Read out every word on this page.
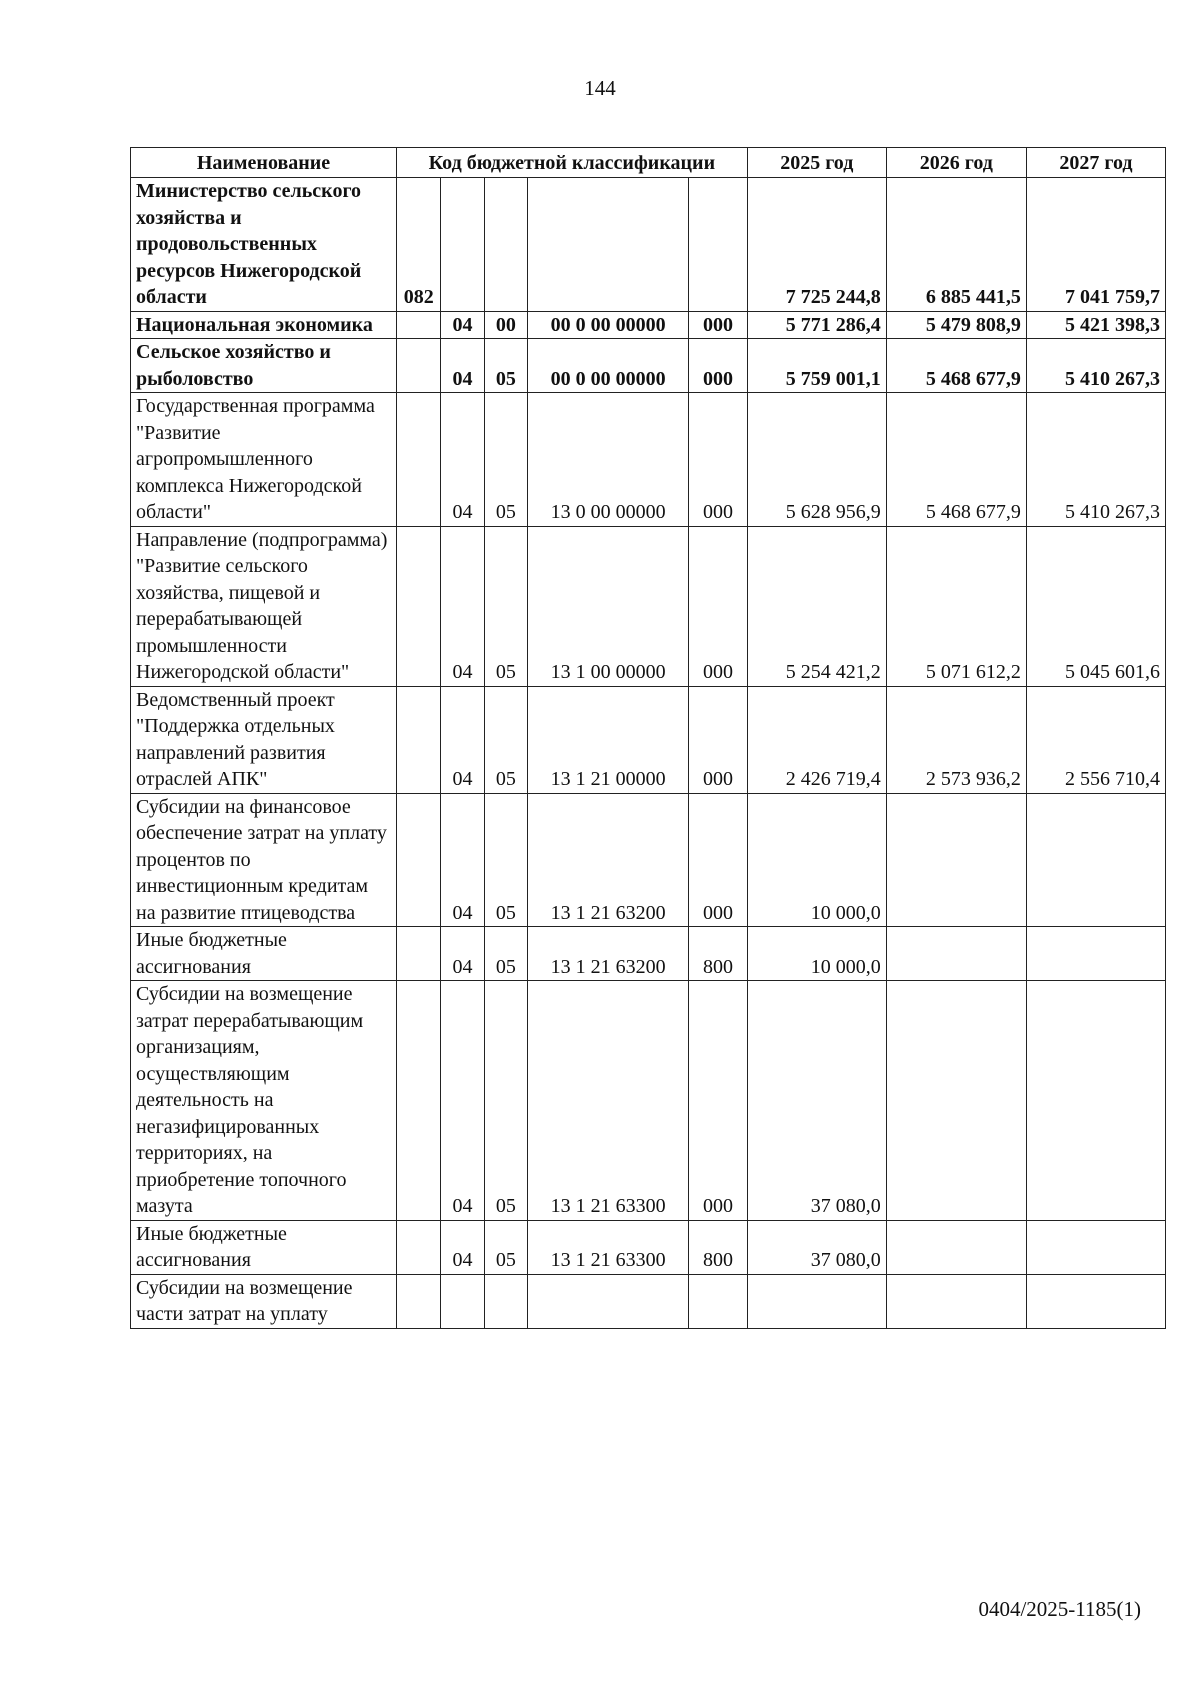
144
Наименование	Код бюджетной классификации					2025 год	2026 год	2027 год
Министерство сельского хозяйства и продовольственных ресурсов Нижегородской области	082					7 725 244,8	6 885 441,5	7 041 759,7
Национальная экономика		04	00	00 0 00 00000	000	5 771 286,4	5 479 808,9	5 421 398,3
Сельское хозяйство и рыболовство		04	05	00 0 00 00000	000	5 759 001,1	5 468 677,9	5 410 267,3
Государственная программа "Развитие агропромышленного комплекса Нижегородской области"		04	05	13 0 00 00000	000	5 628 956,9	5 468 677,9	5 410 267,3
Направление (подпрограмма) "Развитие сельского хозяйства, пищевой и перерабатывающей промышленности Нижегородской области"		04	05	13 1 00 00000	000	5 254 421,2	5 071 612,2	5 045 601,6
Ведомственный проект "Поддержка отдельных направлений развития отраслей АПК"		04	05	13 1 21 00000	000	2 426 719,4	2 573 936,2	2 556 710,4
Субсидии на финансовое обеспечение затрат на уплату процентов по инвестиционным кредитам на развитие птицеводства		04	05	13 1 21 63200	000	10 000,0		
Иные бюджетные ассигнования		04	05	13 1 21 63200	800	10 000,0		
Субсидии на возмещение затрат перерабатывающим организациям, осуществляющим деятельность на негазифицированных территориях, на приобретение топочного мазута		04	05	13 1 21 63300	000	37 080,0		
Иные бюджетные ассигнования		04	05	13 1 21 63300	800	37 080,0		
Субсидии на возмещение части затрат на уплату								
0404/2025-1185(1)
